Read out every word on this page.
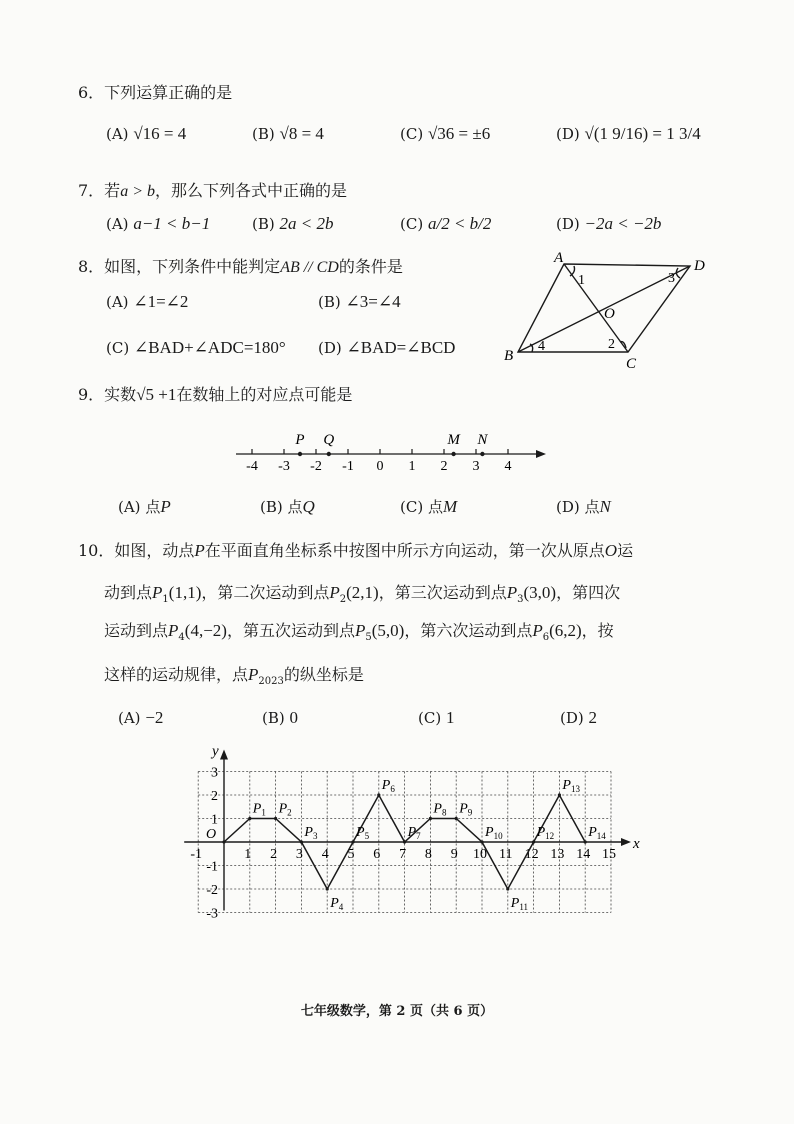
6．下列运算正确的是
(A) √16 = 4	(B) √8 = 4	(C) √36 = ±6	(D) √(1 9/16) = 1 3/4
7．若a > b，那么下列各式中正确的是
(A) a−1 < b−1	(B) 2a < 2b	(C) a/2 < b/2	(D) −2a < −2b
8．如图，下列条件中能判定AB // CD的条件是
(A) ∠1=∠2	(B) ∠3=∠4
(C) ∠BAD+∠ADC=180° (D) ∠BAD=∠BCD
A	D
B	C
O
1
2
3
4
9．实数√5 +1在数轴上的对应点可能是
-4 -3 -2 -1 0 1 2 3 4
P Q	M N
(A) 点P	(B) 点Q	(C) 点M	(D) 点N
10．如图，动点P在平面直角坐标系中按图中所示方向运动，第一次从原点O运
动到点$P_1(1,1)$，第二次运动到点$P_2(2,1)$，第三次运动到点$P_3(3,0)$，第四次
运动到点$P_4(4,-2)$，第五次运动到点$P_5(5,0)$，第六次运动到点$P_6(6,2)$，按
这样的运动规律，点$P_{2023}$的纵坐标是
(A) −2	(B) 0	(C) 1	(D) 2
x
y
-1	1 2 3 4 5 6 7 8 9 10 11 12 13 14 15
3
2
1
-1
-2
-3
O
$P_1$ $P_2$
$P_3$
$P_4$
$P_5$
$P_6$
$P_7$
$P_8$ $P_9$
$P_{10}$
$P_{11}$
$P_{12}$
$P_{13}$
$P_{14}$
七年级数学，第 2 页（共 6 页）
